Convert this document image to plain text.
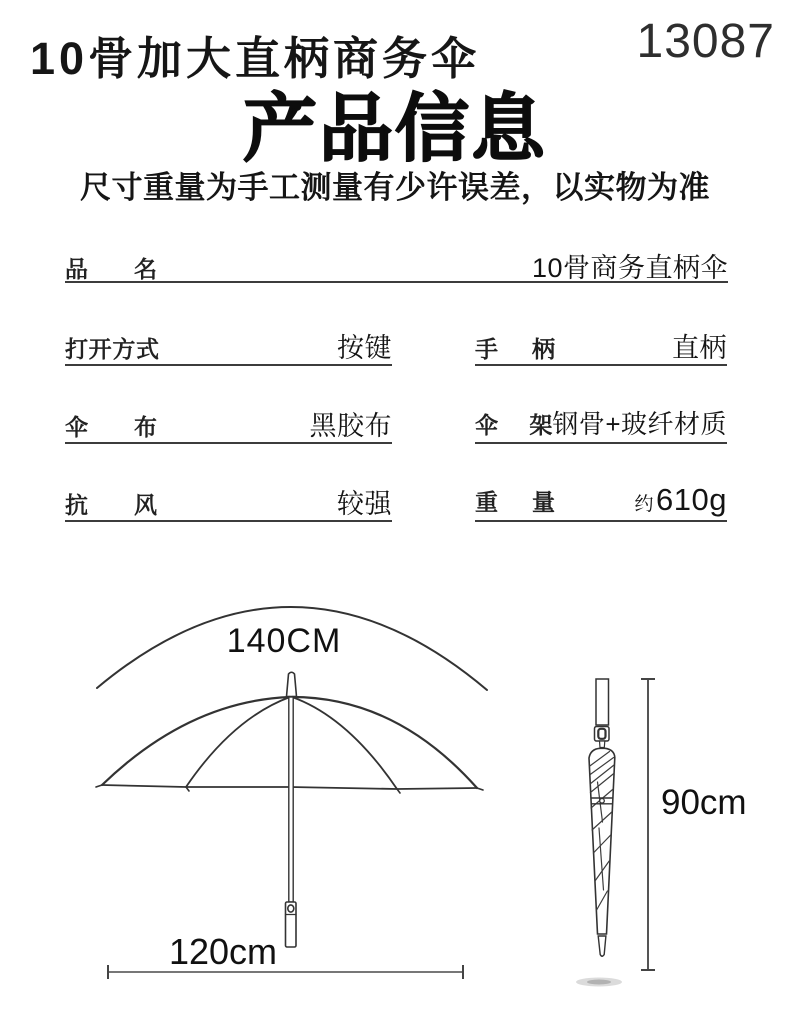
10骨加大直柄商务伞	13087
产品信息
尺寸重量为手工测量有少许误差，以实物为准
品名	10骨商务直柄伞
打开方式	按键	手柄	直柄
伞布	黑胶布	伞架 钢骨+玻纤材质
抗风	较强	重量	约610g
140CM
120cm
90cm
